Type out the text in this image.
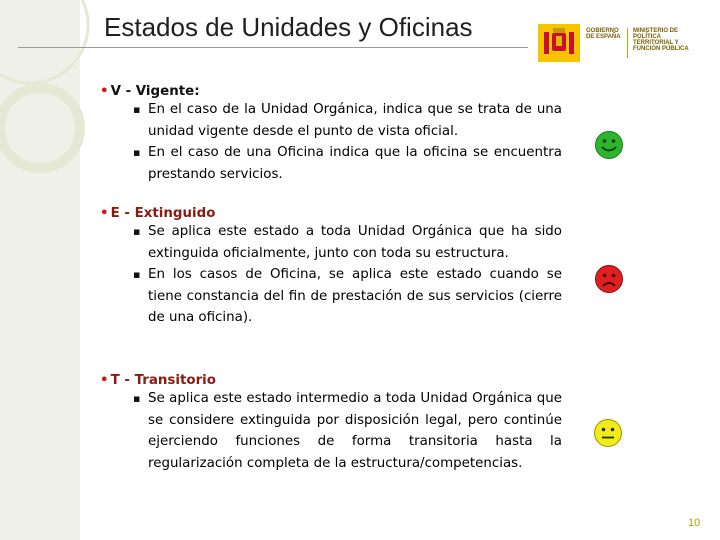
Estados de Unidades y Oficinas	GOBIERNO DE ESPAÑA
MINISTERIO DE POLÍTICA TERRITORIAL Y FUNCIÓN PÚBLICA
• V - Vigente:
▪ En el caso de la Unidad Orgánica, indica que se trata de una unidad vigente desde el punto de vista oficial.
▪ En el caso de una Oficina indica que la oficina se encuentra prestando servicios.
• E - Extinguido
▪ Se aplica este estado a toda Unidad Orgánica que ha sido extinguida oficialmente, junto con toda su estructura.
▪ En los casos de Oficina, se aplica este estado cuando se tiene constancia del fin de prestación de sus servicios (cierre de una oficina).
• T - Transitorio
▪ Se aplica este estado intermedio a toda Unidad Orgánica que se considere extinguida por disposición legal, pero continúe ejerciendo funciones de forma transitoria hasta la regularización completa de la estructura/competencias.
10
